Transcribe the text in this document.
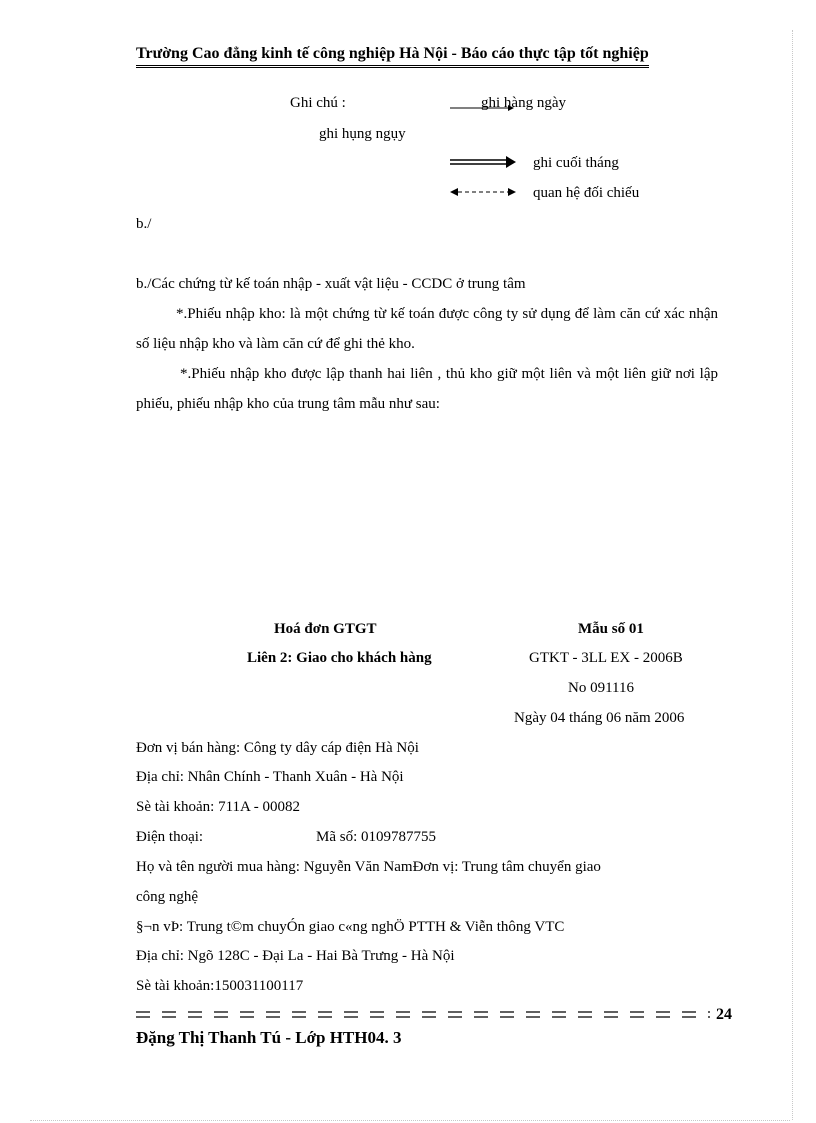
Trường Cao đẳng kinh tế công nghiệp Hà Nội - Báo cáo thực tập tốt nghiệp
Ghi chú :	ghi hàng ngày
ghi hụng ngụy
ghi cuối tháng
quan hệ đối chiếu
b./
b./Các chứng từ kế toán nhập - xuất vật liệu - CCDC ở trung tâm
*.Phiếu nhập kho: là một chứng từ kế toán được công ty sử dụng để làm căn cứ xác nhận số liệu nhập kho và làm căn cứ để ghi thẻ kho.
*.Phiếu nhập kho được lập thanh hai liên , thủ kho giữ một liên và một liên giữ nơi lập phiếu, phiếu nhập kho của trung tâm mẫu như sau:
Hoá đơn GTGT	Mẫu số 01
Liên 2: Giao cho khách hàng	GTKT - 3LL EX - 2006B
No 091116
Ngày 04 tháng 06 năm 2006
Đơn vị bán hàng: Công ty dây cáp điện Hà Nội
Địa chỉ: Nhân Chính - Thanh Xuân - Hà Nội
Sè tài khoản: 711A - 00082
Điện thoại:	Mã số: 0109787755
Họ và tên người mua hàng: Nguyễn Văn NamĐơn vị: Trung tâm chuyển giao
công nghệ
§¬n vÞ: Trung t©m chuyÓn giao c«ng nghÖ PTTH & Viễn thông VTC
Địa chỉ: Ngõ 128C - Đại La - Hai Bà Trưng - Hà Nội
Sè tài khoản:150031100117
24
Đặng Thị Thanh Tú - Lớp HTH04. 3
